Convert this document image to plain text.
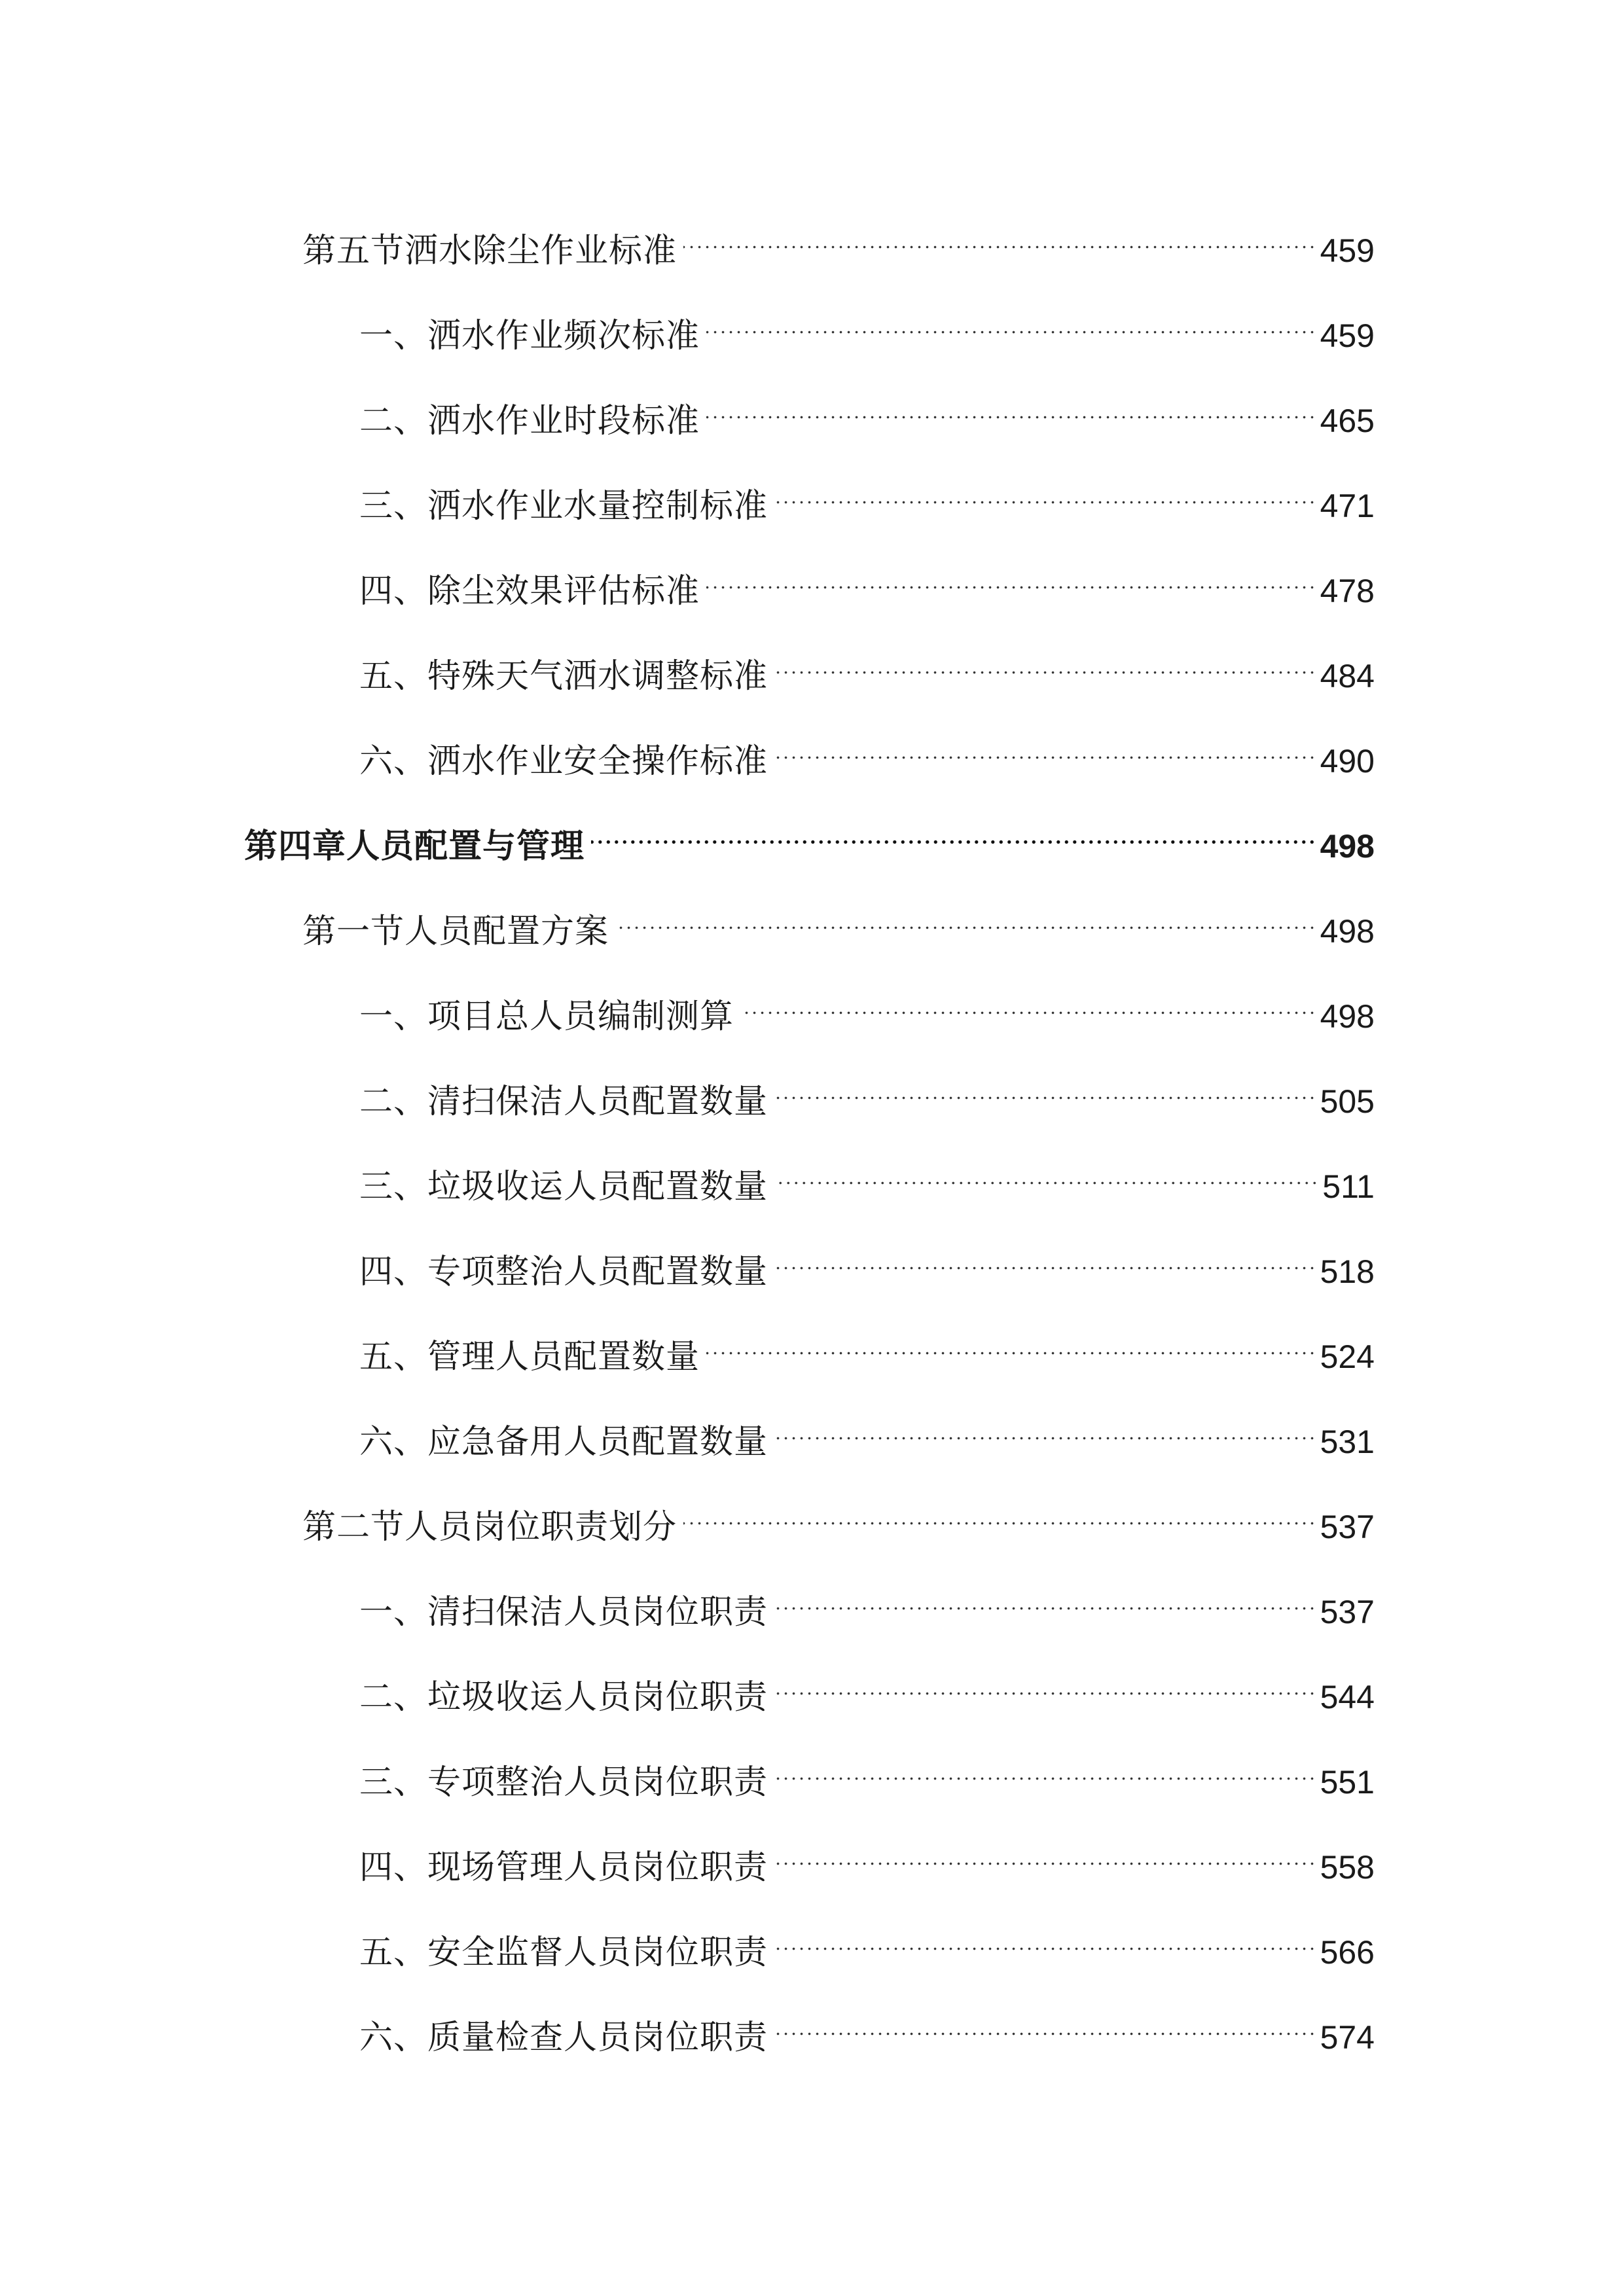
第五节洒水除尘作业标准	459
一、洒水作业频次标准	459
二、洒水作业时段标准	465
三、洒水作业水量控制标准	471
四、除尘效果评估标准	478
五、特殊天气洒水调整标准	484
六、洒水作业安全操作标准	490
第四章人员配置与管理	498
第一节人员配置方案	498
一、项目总人员编制测算	498
二、清扫保洁人员配置数量	505
三、垃圾收运人员配置数量	511
四、专项整治人员配置数量	518
五、管理人员配置数量	524
六、应急备用人员配置数量	531
第二节人员岗位职责划分	537
一、清扫保洁人员岗位职责	537
二、垃圾收运人员岗位职责	544
三、专项整治人员岗位职责	551
四、现场管理人员岗位职责	558
五、安全监督人员岗位职责	566
六、质量检查人员岗位职责	574
